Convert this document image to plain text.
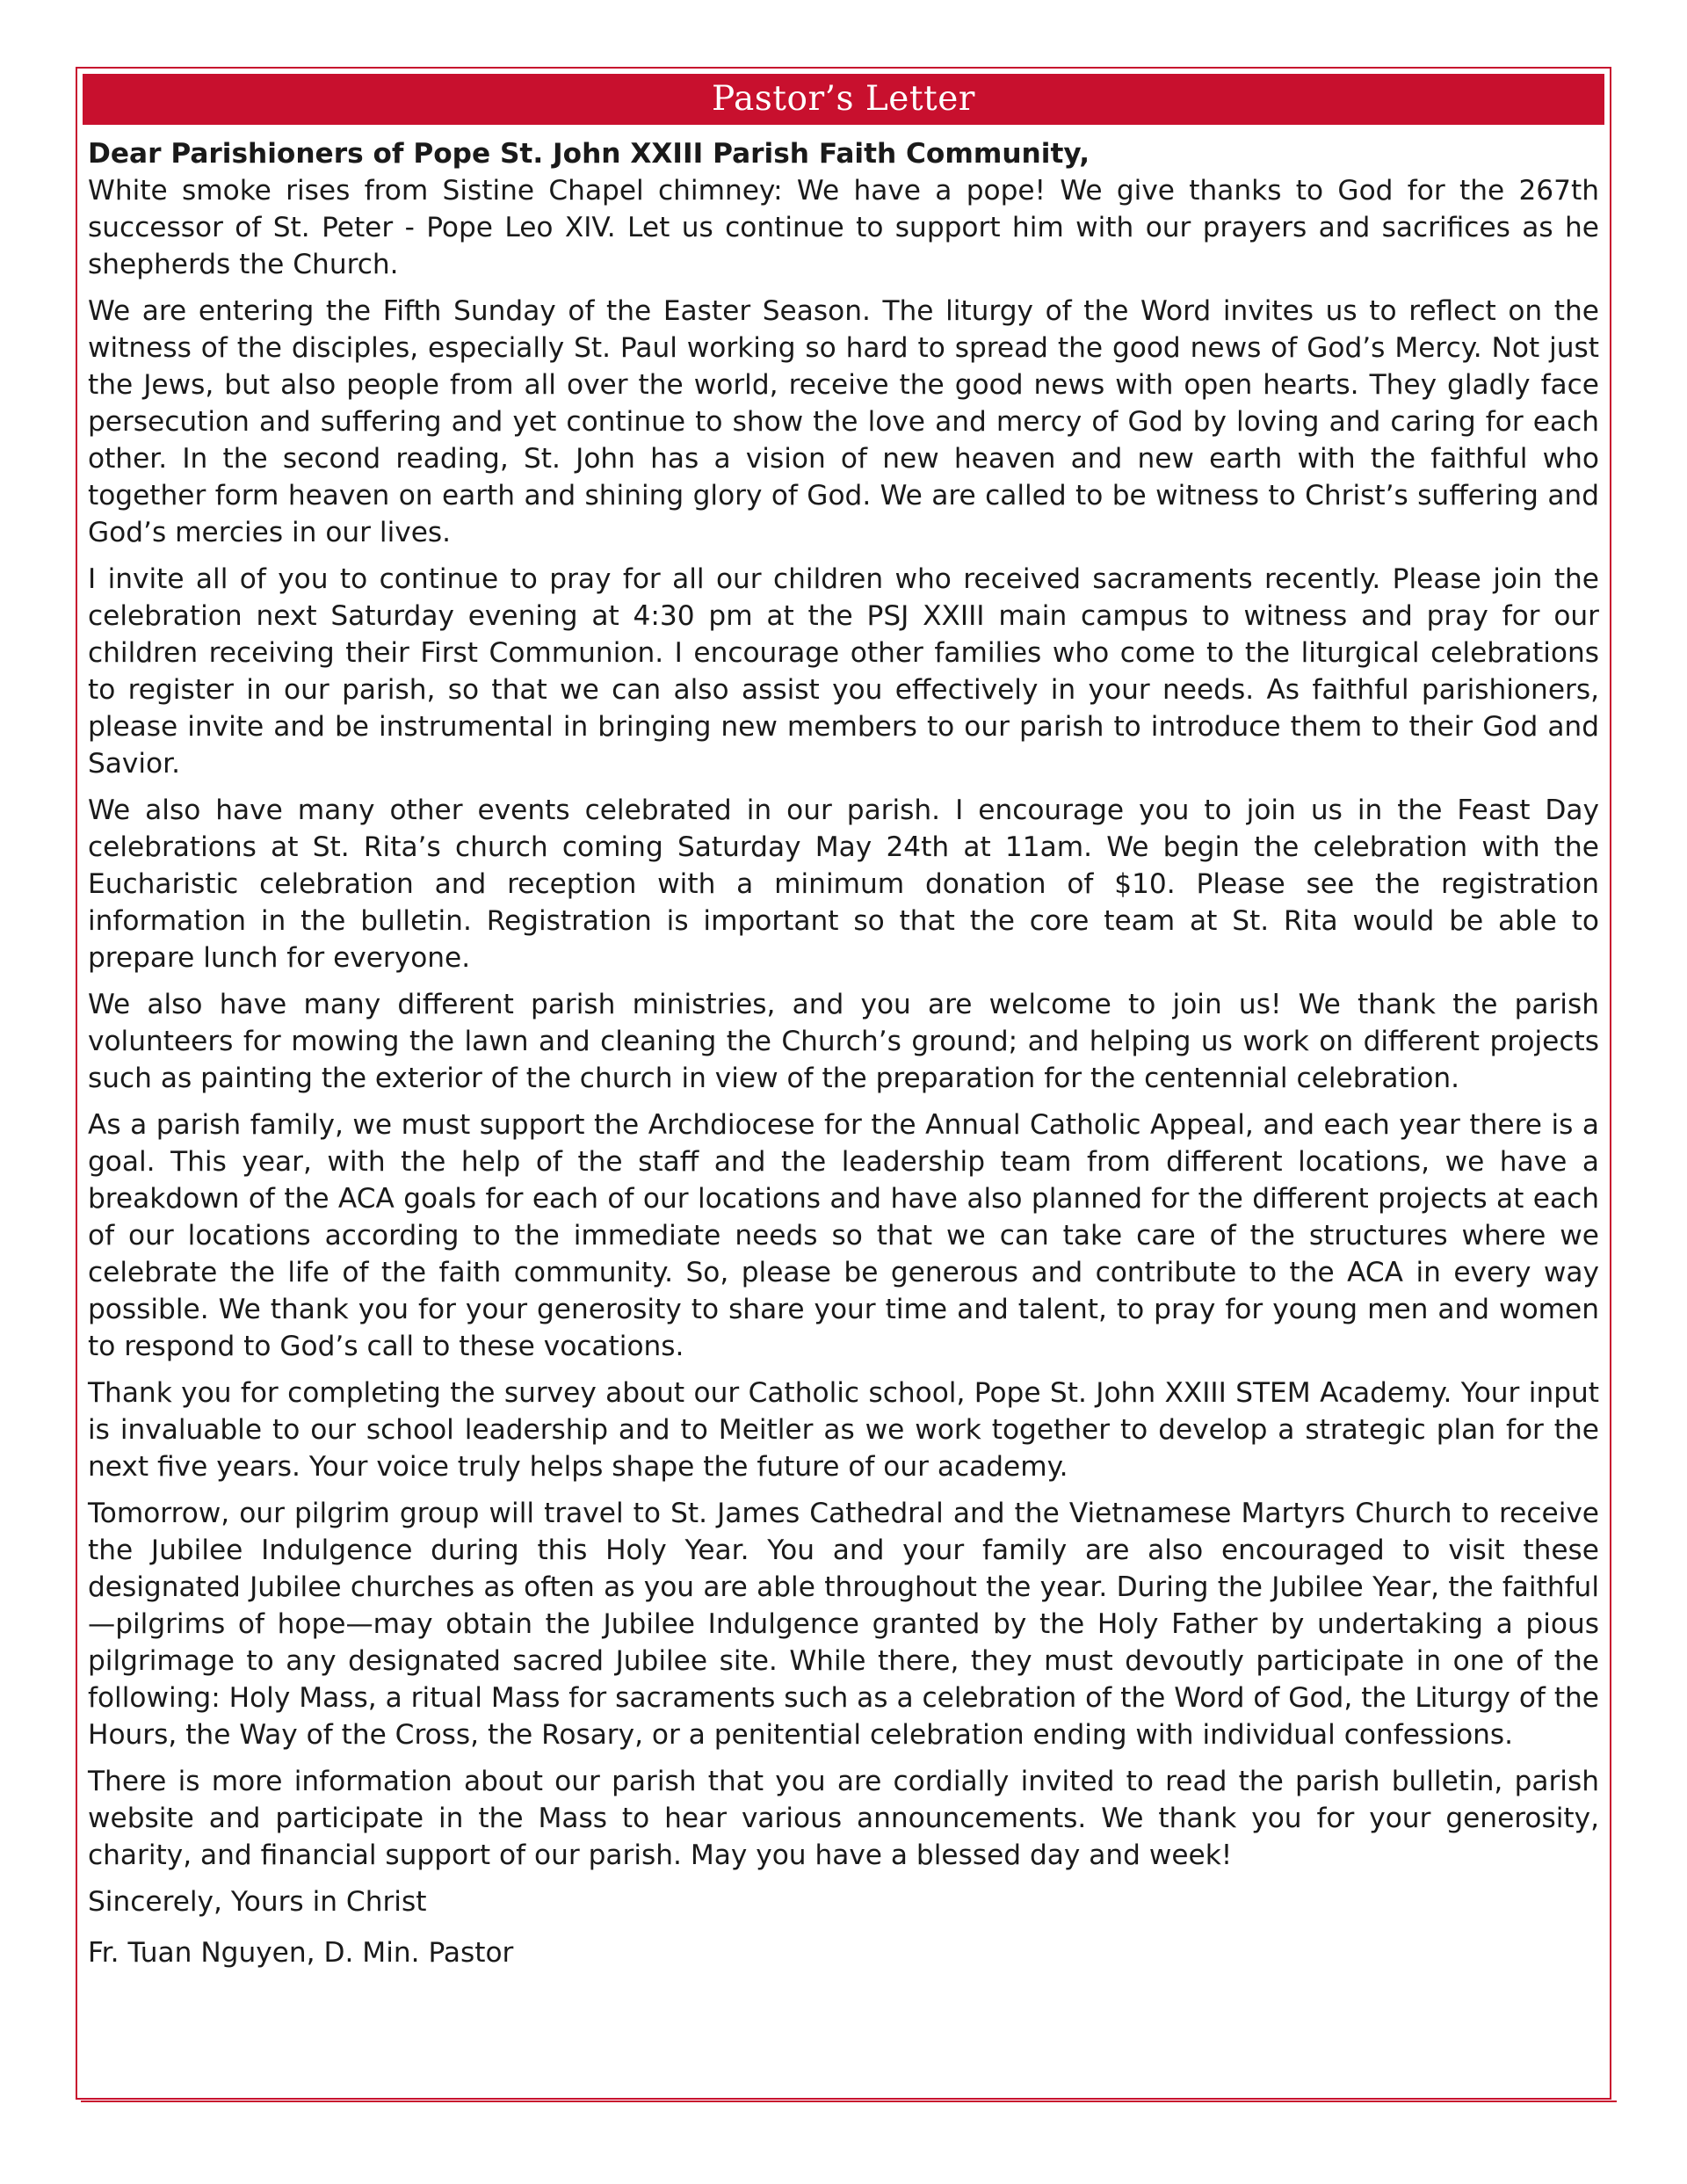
Pastor’s Letter

Dear Parishioners of Pope St. John XXIII Parish Faith Community,

White smoke rises from Sistine Chapel chimney: We have a pope! We give thanks to God for the 267th successor of St. Peter - Pope Leo XIV. Let us continue to support him with our prayers and sacrifices as he shepherds the Church.

We are entering the Fifth Sunday of the Easter Season. The liturgy of the Word invites us to reflect on the witness of the disciples, especially St. Paul working so hard to spread the good news of God’s Mercy. Not just the Jews, but also people from all over the world, receive the good news with open hearts. They gladly face persecution and suffering and yet continue to show the love and mercy of God by loving and caring for each other. In the second reading, St. John has a vision of new heaven and new earth with the faithful who together form heaven on earth and shining glory of God. We are called to be witness to Christ’s suffering and God’s mercies in our lives.

I invite all of you to continue to pray for all our children who received sacraments recently. Please join the celebration next Saturday evening at 4:30 pm at the PSJ XXIII main campus to witness and pray for our children receiving their First Communion. I encourage other families who come to the liturgical celebrations to register in our parish, so that we can also assist you effectively in your needs. As faithful parishioners, please invite and be instrumental in bringing new members to our parish to introduce them to their God and Savior.

We also have many other events celebrated in our parish. I encourage you to join us in the Feast Day celebrations at St. Rita’s church coming Saturday May 24th at 11am. We begin the celebration with the Eucharistic celebration and reception with a minimum donation of $10. Please see the registration information in the bulletin. Registration is important so that the core team at St. Rita would be able to prepare lunch for everyone.

We also have many different parish ministries, and you are welcome to join us! We thank the parish volunteers for mowing the lawn and cleaning the Church’s ground; and helping us work on different projects such as painting the exterior of the church in view of the preparation for the centennial celebration.

As a parish family, we must support the Archdiocese for the Annual Catholic Appeal, and each year there is a goal. This year, with the help of the staff and the leadership team from different locations, we have a breakdown of the ACA goals for each of our locations and have also planned for the different projects at each of our locations according to the immediate needs so that we can take care of the structures where we celebrate the life of the faith community. So, please be generous and contribute to the ACA in every way possible. We thank you for your generosity to share your time and talent, to pray for young men and women to respond to God’s call to these vocations.

Thank you for completing the survey about our Catholic school, Pope St. John XXIII STEM Academy. Your input is invaluable to our school leadership and to Meitler as we work together to develop a strategic plan for the next five years. Your voice truly helps shape the future of our academy.

Tomorrow, our pilgrim group will travel to St. James Cathedral and the Vietnamese Martyrs Church to receive the Jubilee Indulgence during this Holy Year. You and your family are also encouraged to visit these designated Jubilee churches as often as you are able throughout the year. During the Jubilee Year, the faithful—pilgrims of hope—may obtain the Jubilee Indulgence granted by the Holy Father by undertaking a pious pilgrimage to any designated sacred Jubilee site. While there, they must devoutly participate in one of the following: Holy Mass, a ritual Mass for sacraments such as a celebration of the Word of God, the Liturgy of the Hours, the Way of the Cross, the Rosary, or a penitential celebration ending with individual confessions.

There is more information about our parish that you are cordially invited to read the parish bulletin, parish website and participate in the Mass to hear various announcements. We thank you for your generosity, charity, and financial support of our parish. May you have a blessed day and week!

Sincerely, Yours in Christ

Fr. Tuan Nguyen, D. Min. Pastor
